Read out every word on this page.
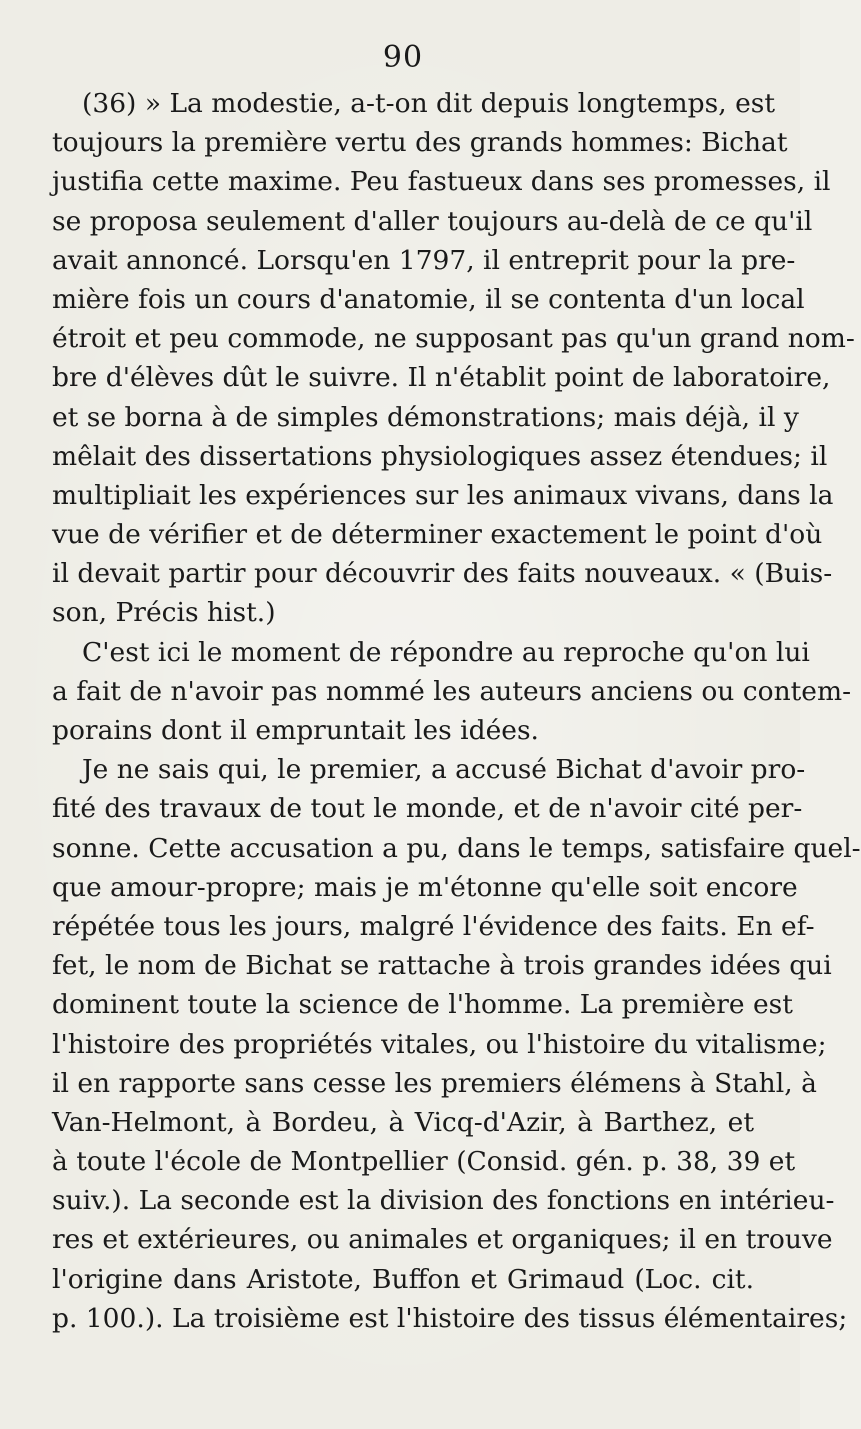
90
(36) » La modestie, a-t-on dit depuis longtemps, est
toujours la première vertu des grands hommes: Bichat
justifia cette maxime. Peu fastueux dans ses promesses, il
se proposa seulement d'aller toujours au-delà de ce qu'il
avait annoncé. Lorsqu'en 1797, il entreprit pour la pre-
mière fois un cours d'anatomie, il se contenta d'un local
étroit et peu commode, ne supposant pas qu'un grand nom-
bre d'élèves dût le suivre. Il n'établit point de laboratoire,
et se borna à de simples démonstrations; mais déjà, il y
mêlait des dissertations physiologiques assez étendues; il
multipliait les expériences sur les animaux vivans, dans la
vue de vérifier et de déterminer exactement le point d'où
il devait partir pour découvrir des faits nouveaux. « (Buis-
son, Précis hist.)
C'est ici le moment de répondre au reproche qu'on lui
a fait de n'avoir pas nommé les auteurs anciens ou contem-
porains dont il empruntait les idées.
Je ne sais qui, le premier, a accusé Bichat d'avoir pro-
fité des travaux de tout le monde, et de n'avoir cité per-
sonne. Cette accusation a pu, dans le temps, satisfaire quel-
que amour-propre; mais je m'étonne qu'elle soit encore
répétée tous les jours, malgré l'évidence des faits. En ef-
fet, le nom de Bichat se rattache à trois grandes idées qui
dominent toute la science de l'homme. La première est
l'histoire des propriétés vitales, ou l'histoire du vitalisme;
il en rapporte sans cesse les premiers élémens à Stahl, à
Van-Helmont, à Bordeu, à Vicq-d'Azir, à Barthez, et
à toute l'école de Montpellier (Consid. gén. p. 38, 39 et
suiv.). La seconde est la division des fonctions en intérieu-
res et extérieures, ou animales et organiques; il en trouve
l'origine dans Aristote, Buffon et Grimaud (Loc. cit.
p. 100.). La troisième est l'histoire des tissus élémentaires;
